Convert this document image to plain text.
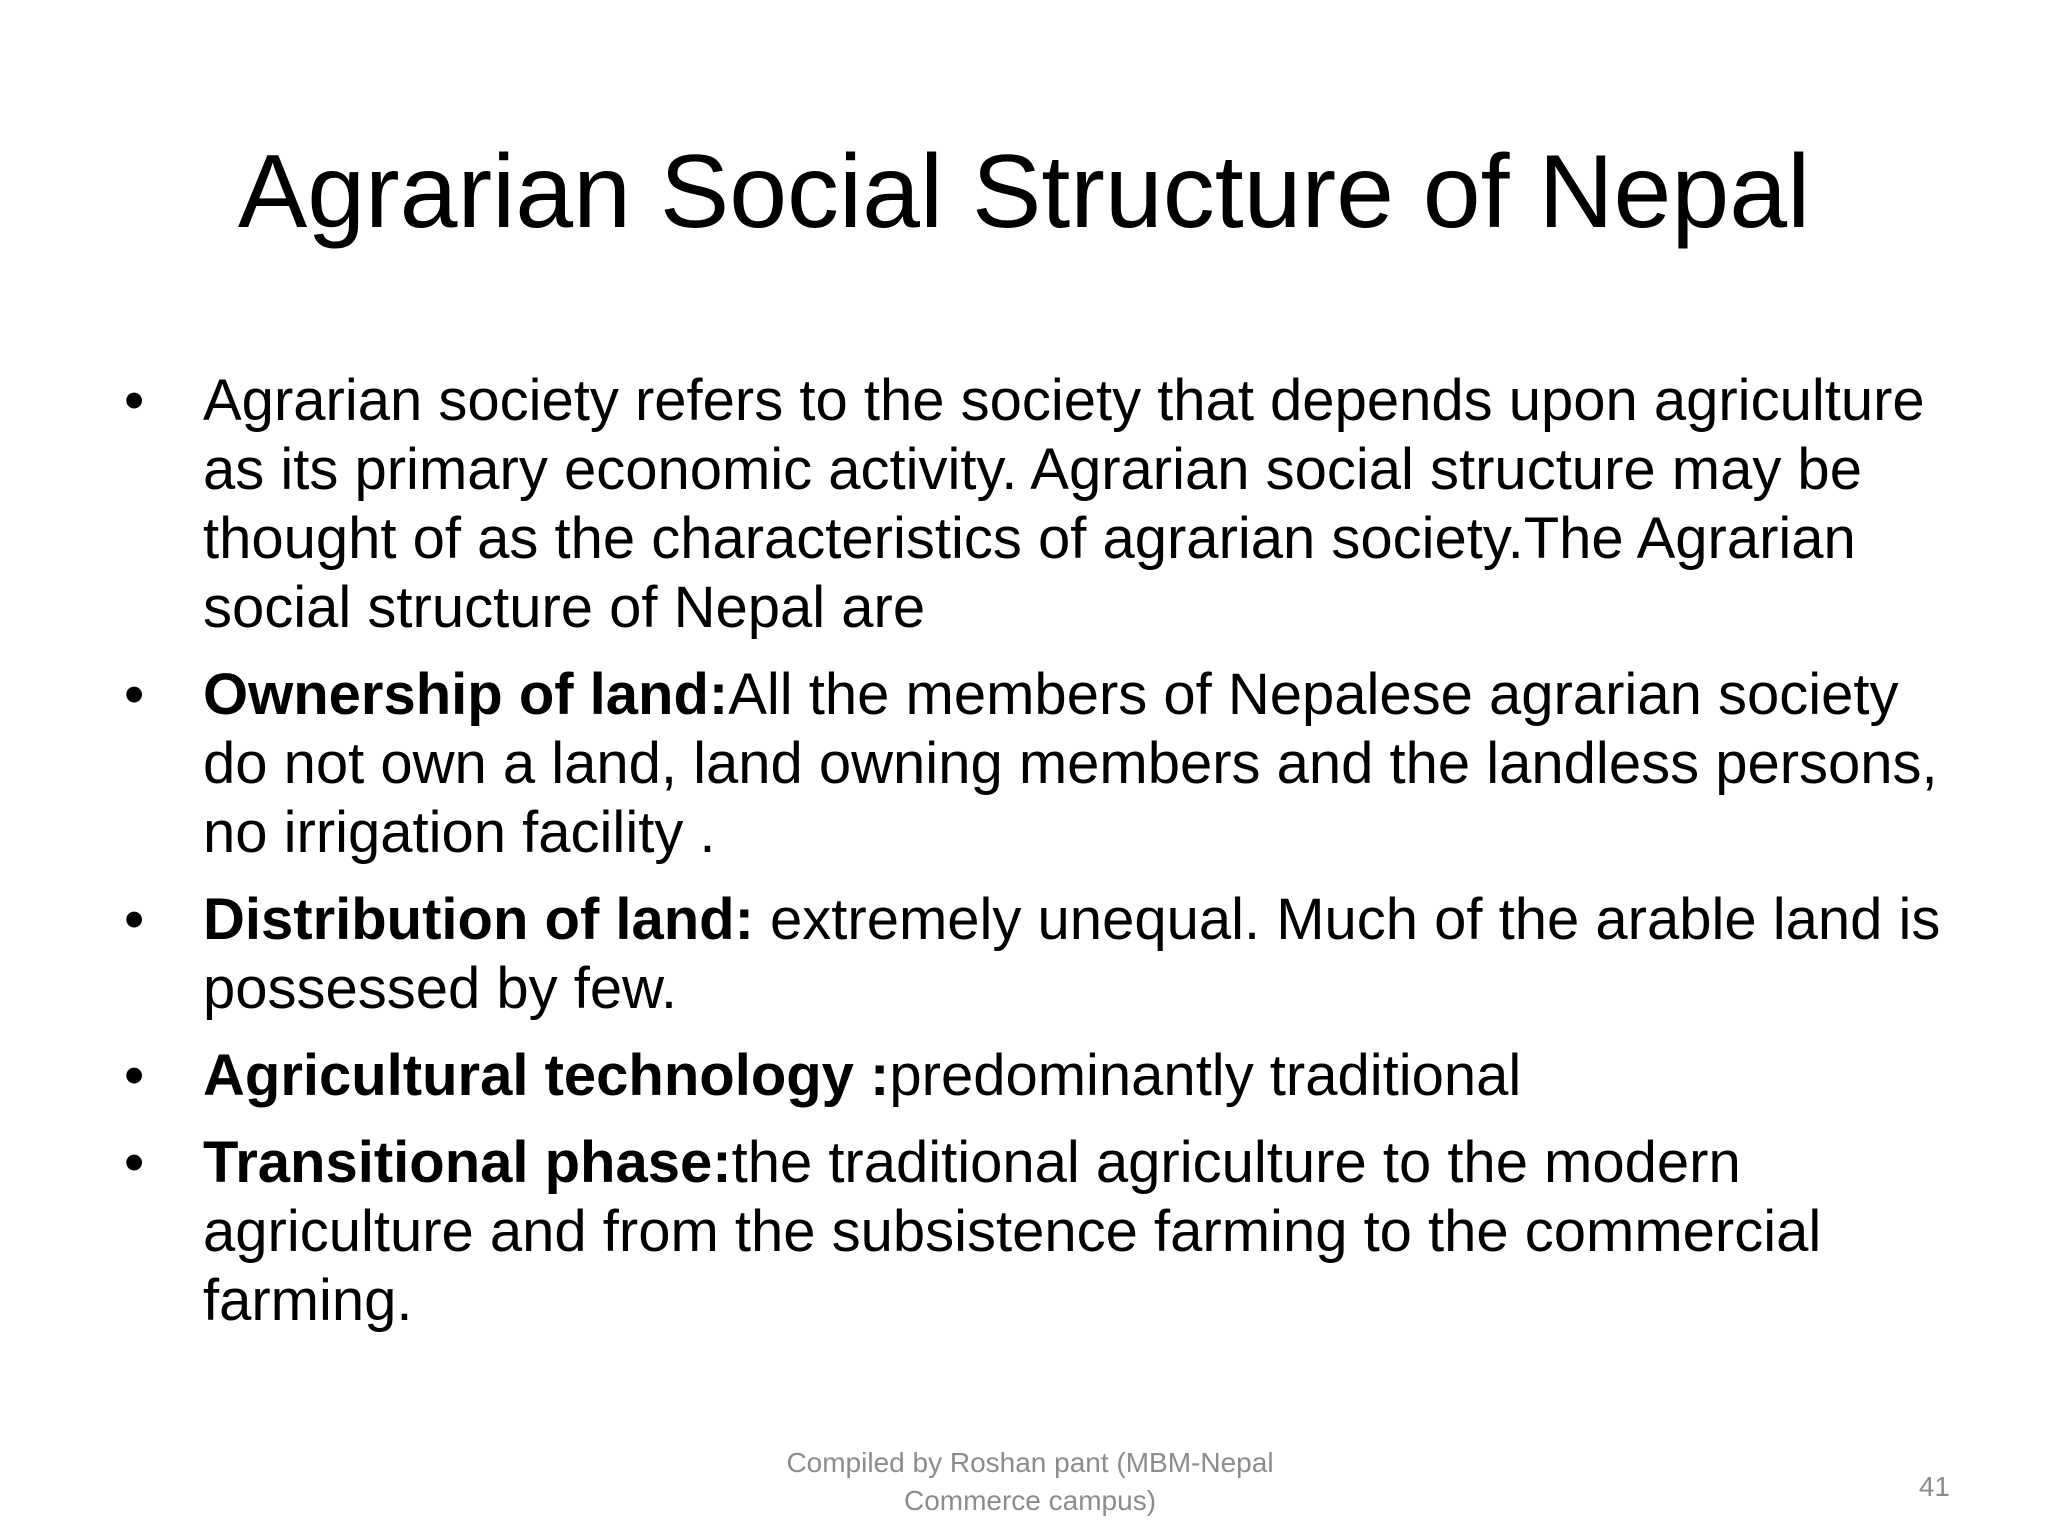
Agrarian Social Structure of Nepal
•	Agrarian society refers to the society that depends upon agriculture as its primary economic activity. Agrarian social structure may be thought of as the characteristics of agrarian society.The Agrarian social structure of Nepal are
•	Ownership of land:All the members of Nepalese agrarian society do not own a land, land owning members and the landless persons, no irrigation facility .
•	Distribution of land: extremely unequal. Much of the arable land is possessed by few.
•	Agricultural technology :predominantly traditional
•	Transitional phase:the traditional agriculture to the modern agriculture and from the subsistence farming to the commercial farming.
Compiled by Roshan pant (MBM-Nepal
Commerce campus)	41
